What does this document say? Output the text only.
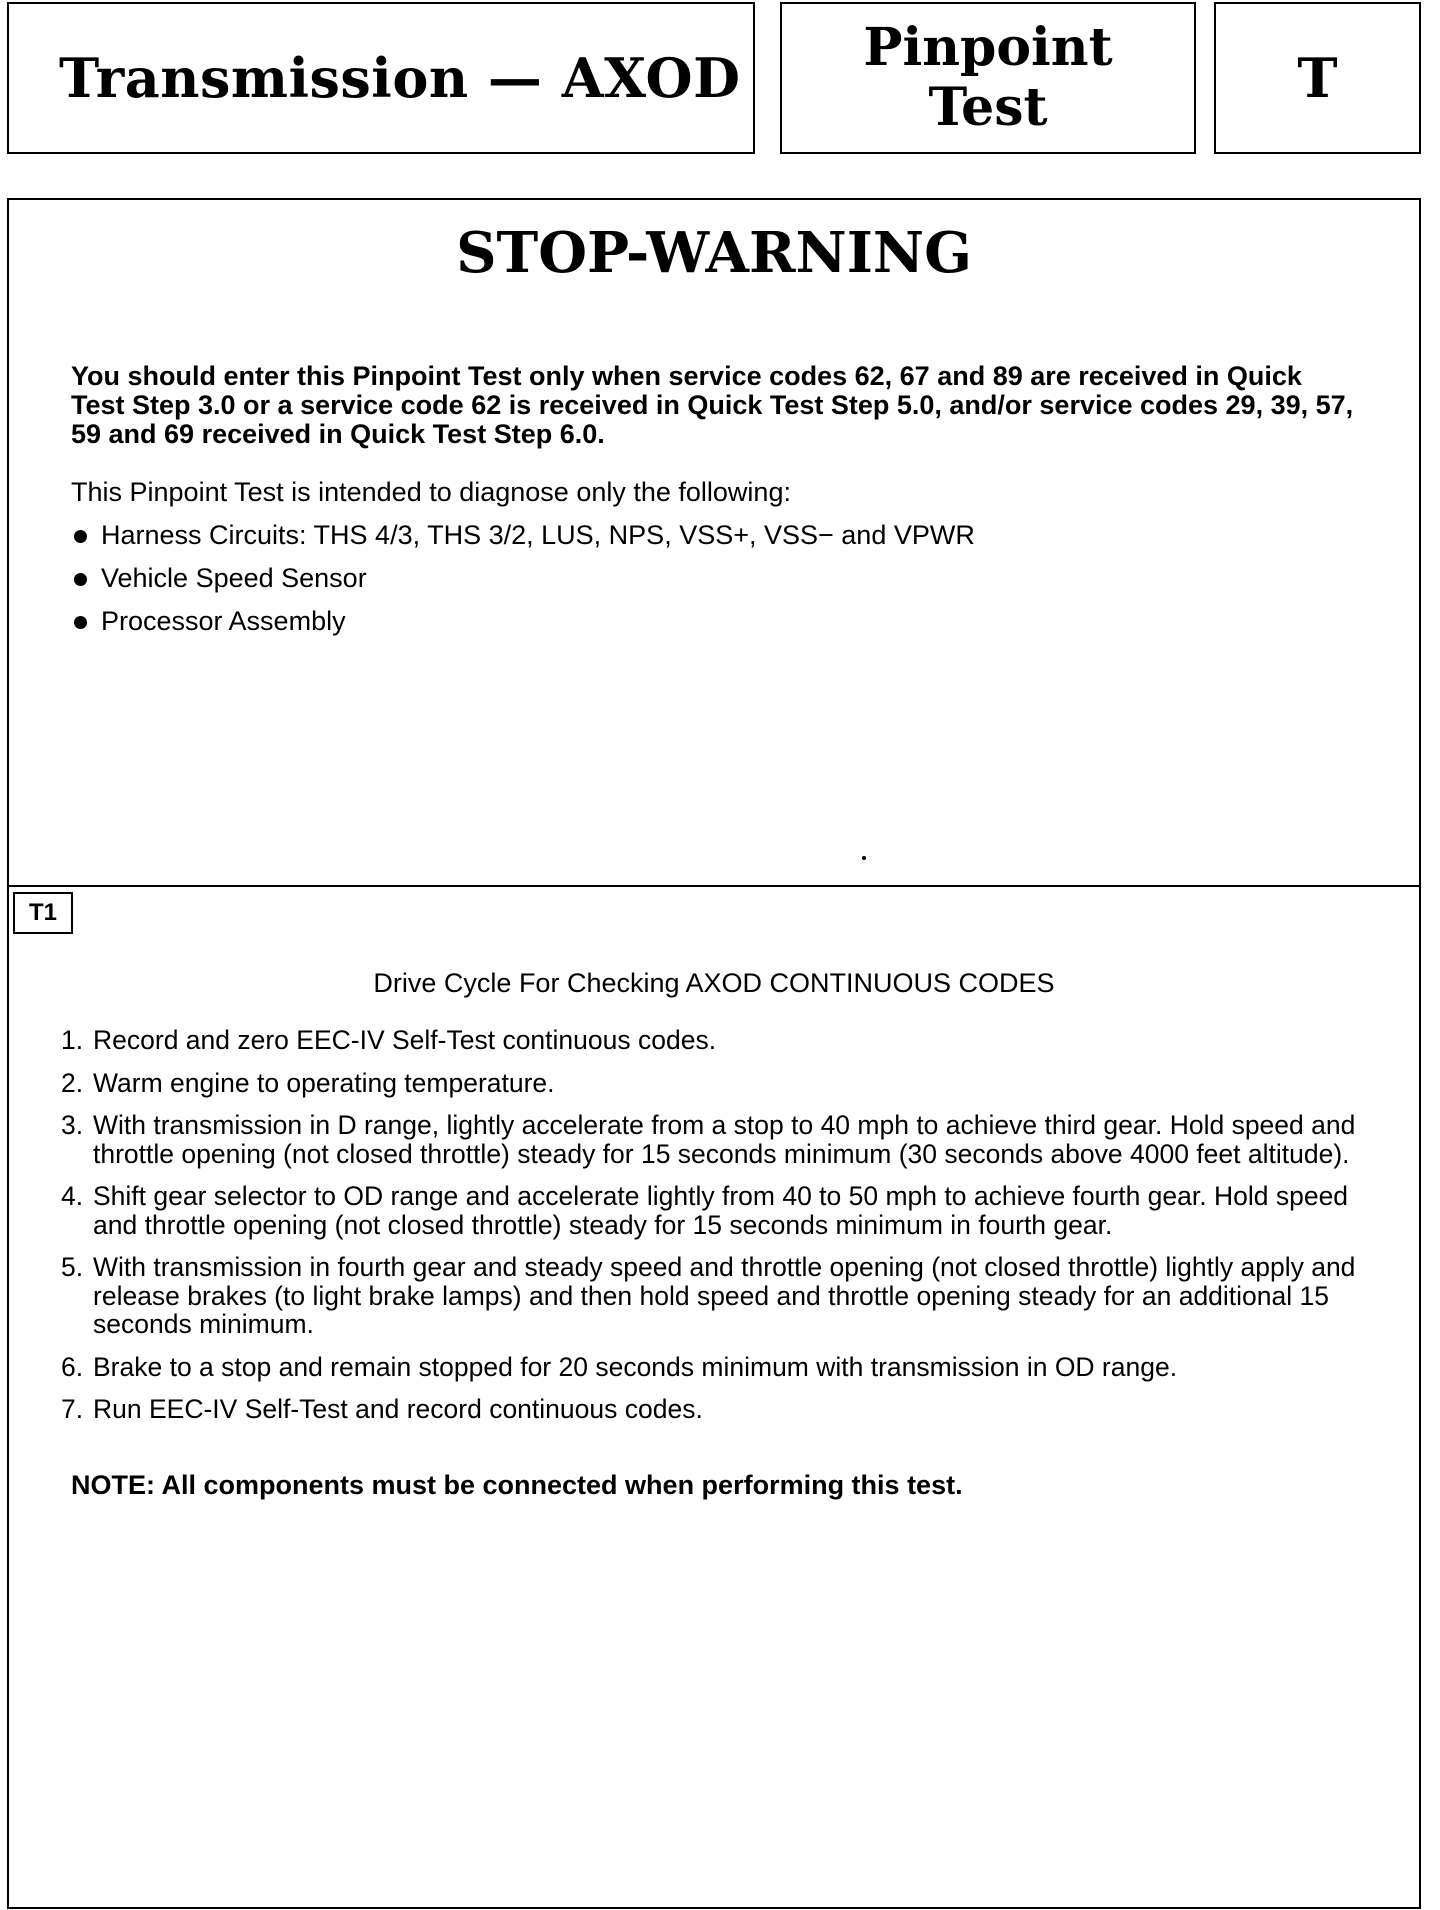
Transmission — AXOD Pinpoint
Test	T
STOP-WARNING
You should enter this Pinpoint Test only when service codes 62, 67 and 89 are received in Quick Test Step 3.0 or a service code 62 is received in Quick Test Step 5.0, and/or service codes 29, 39, 57, 59 and 69 received in Quick Test Step 6.0.
This Pinpoint Test is intended to diagnose only the following:
Harness Circuits: THS 4/3, THS 3/2, LUS, NPS, VSS+, VSS− and VPWR
Vehicle Speed Sensor
Processor Assembly
T1
Drive Cycle For Checking AXOD CONTINUOUS CODES
1. Record and zero EEC-IV Self-Test continuous codes.
2. Warm engine to operating temperature.
3. With transmission in D range, lightly accelerate from a stop to 40 mph to achieve third gear. Hold speed and throttle opening (not closed throttle) steady for 15 seconds minimum (30 seconds above 4000 feet altitude).
4. Shift gear selector to OD range and accelerate lightly from 40 to 50 mph to achieve fourth gear. Hold speed and throttle opening (not closed throttle) steady for 15 seconds minimum in fourth gear.
5. With transmission in fourth gear and steady speed and throttle opening (not closed throttle) lightly apply and release brakes (to light brake lamps) and then hold speed and throttle opening steady for an additional 15 seconds minimum.
6. Brake to a stop and remain stopped for 20 seconds minimum with transmission in OD range.
7. Run EEC-IV Self-Test and record continuous codes.
NOTE: All components must be connected when performing this test.
